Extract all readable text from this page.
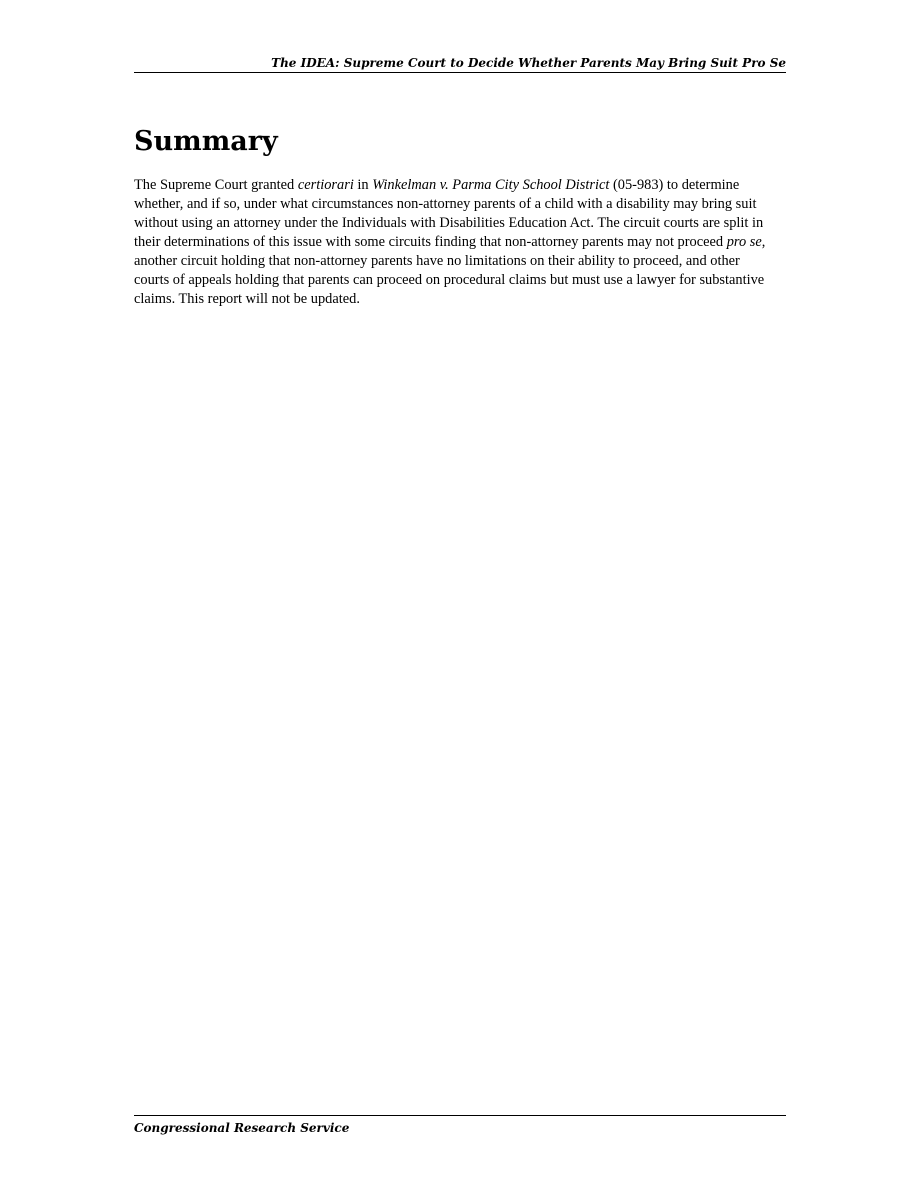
The IDEA: Supreme Court to Decide Whether Parents May Bring Suit Pro Se
Summary

The Supreme Court granted certiorari in Winkelman v. Parma City School District (05-983) to determine whether, and if so, under what circumstances non-attorney parents of a child with a disability may bring suit without using an attorney under the Individuals with Disabilities Education Act. The circuit courts are split in their determinations of this issue with some circuits finding that non-attorney parents may not proceed pro se, another circuit holding that non-attorney parents have no limitations on their ability to proceed, and other courts of appeals holding that parents can proceed on procedural claims but must use a lawyer for substantive claims. This report will not be updated.

Congressional Research Service
